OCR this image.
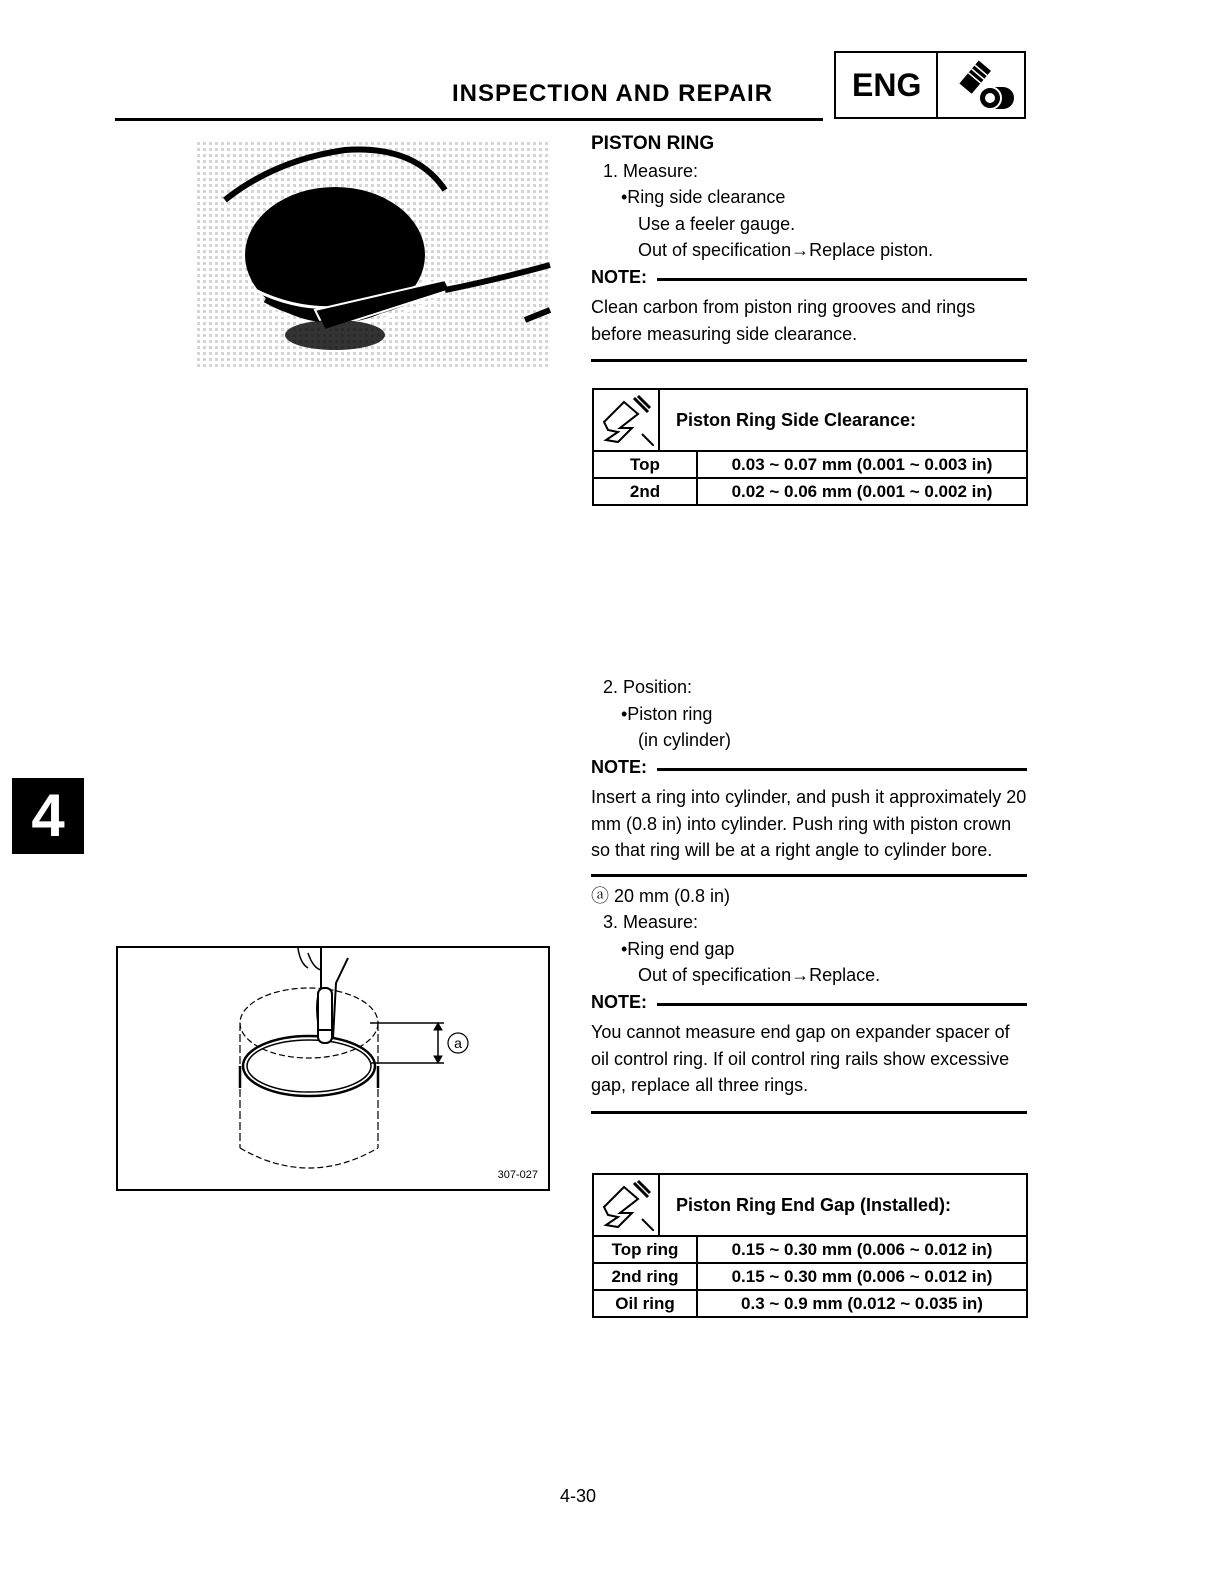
INSPECTION AND REPAIR ENG
4
PISTON RING
1. Measure:
•Ring side clearance
Use a feeler gauge.
Out of specification→Replace piston.
NOTE:
Clean carbon from piston ring grooves and rings before measuring side clearance.
Piston Ring Side Clearance:
Top	0.03 ~ 0.07 mm (0.001 ~ 0.003 in)
2nd	0.02 ~ 0.06 mm (0.001 ~ 0.002 in)
2. Position:
•Piston ring
(in cylinder)
NOTE:
Insert a ring into cylinder, and push it approximately 20 mm (0.8 in) into cylinder. Push ring with piston crown so that ring will be at a right angle to cylinder bore.
ⓐ 20 mm (0.8 in)
3. Measure:
•Ring end gap
Out of specification→Replace.
NOTE:
You cannot measure end gap on expander spacer of oil control ring. If oil control ring rails show excessive gap, replace all three rings.
Piston Ring End Gap (Installed):
Top ring	0.15 ~ 0.30 mm (0.006 ~ 0.012 in)
2nd ring	0.15 ~ 0.30 mm (0.006 ~ 0.012 in)
Oil ring	0.3 ~ 0.9 mm (0.012 ~ 0.035 in)
a
307-027
4-30
